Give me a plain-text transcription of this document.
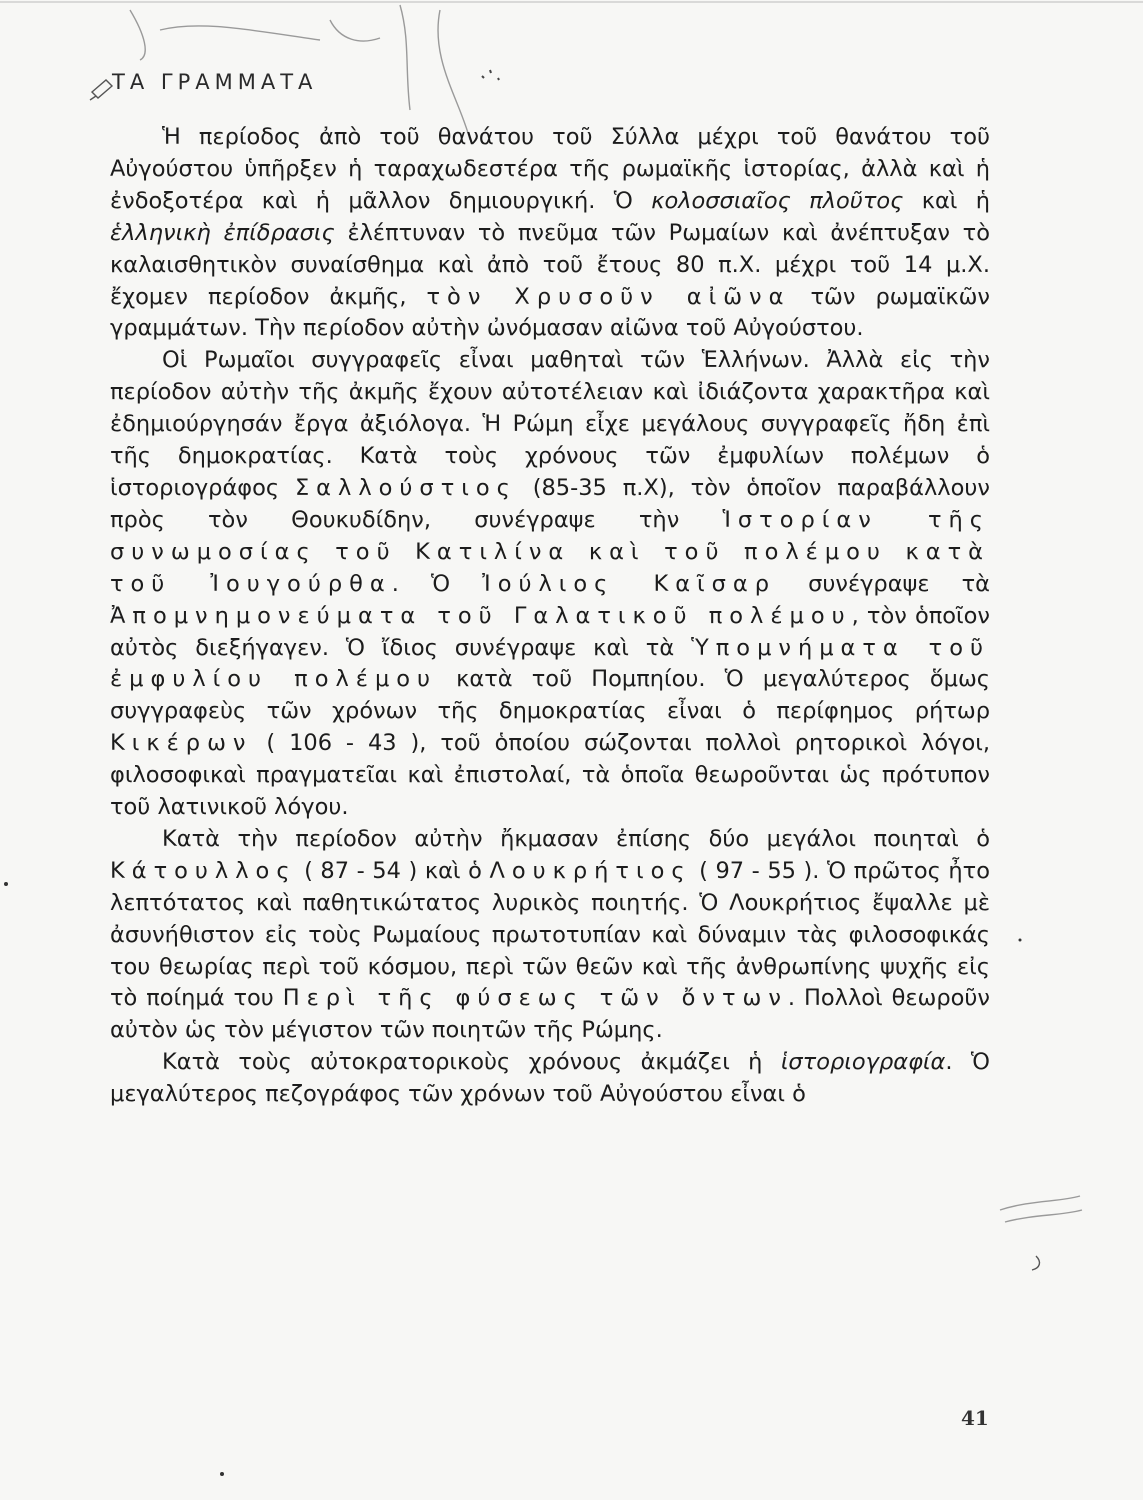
ΤΑ ΓΡΑΜΜΑΤΑ

Ἡ περίοδος ἀπὸ τοῦ θανάτου τοῦ Σύλλα μέχρι τοῦ θανάτου τοῦ Αὐγούστου ὑπῆρξεν ἡ ταραχωδεστέρα τῆς ρωμαϊκῆς ἱστορίας, ἀλλὰ καὶ ἡ ἐνδοξοτέρα καὶ ἡ μᾶλλον δημιουργική. Ὁ κολοσσιαῖος πλοῦτος καὶ ἡ ἑλληνικὴ ἐπίδρασις ἐλέπτυναν τὸ πνεῦμα τῶν Ρωμαίων καὶ ἀνέπτυξαν τὸ καλαισθητικὸν συναίσθημα καὶ ἀπὸ τοῦ ἔτους 80 π.Χ. μέχρι τοῦ 14 μ.Χ. ἔχομεν περίοδον ἀκμῆς, τὸν Χρυσοῦν αἰῶνα τῶν ρωμαϊκῶν γραμμάτων. Τὴν περίοδον αὐτὴν ὠνόμασαν αἰῶνα τοῦ Αὐγούστου.

Οἱ Ρωμαῖοι συγγραφεῖς εἶναι μαθηταὶ τῶν Ἑλλήνων. Ἀλλὰ εἰς τὴν περίοδον αὐτὴν τῆς ἀκμῆς ἔχουν αὐτοτέλειαν καὶ ἰδιάζοντα χαρακτῆρα καὶ ἐδημιούργησάν ἔργα ἀξιόλογα. Ἡ Ρώμη εἶχε μεγάλους συγγραφεῖς ἤδη ἐπὶ τῆς δημοκρατίας. Κατὰ τοὺς χρόνους τῶν ἐμφυλίων πολέμων ὁ ἱστοριογράφος Σαλλούστιος (85-35 π.Χ), τὸν ὁποῖον παραβάλλουν πρὸς τὸν Θουκυδίδην, συνέγραψε τὴν Ἱστορίαν τῆς συνωμοσίας τοῦ Κατιλίνα καὶ τοῦ πολέμου κατὰ τοῦ Ἰουγούρθα. Ὁ Ἰούλιος Καῖσαρ συνέγραψε τὰ Ἀπομνημονεύματα τοῦ Γαλατικοῦ πολέμου, τὸν ὁποῖον αὐτὸς διεξήγαγεν. Ὁ ἴδιος συνέγραψε καὶ τὰ Ὑπομνήματα τοῦ ἐμφυλίου πολέμου κατὰ τοῦ Πομπηίου. Ὁ μεγαλύτερος ὅμως συγγραφεὺς τῶν χρόνων τῆς δημοκρατίας εἶναι ὁ περίφημος ρήτωρ Κικέρων ( 106 - 43 ), τοῦ ὁποίου σώζονται πολλοὶ ρητορικοὶ λόγοι, φιλοσοφικαὶ πραγματεῖαι καὶ ἐπιστολαί, τὰ ὁποῖα θεωροῦνται ὡς πρότυπον τοῦ λατινικοῦ λόγου.

Κατὰ τὴν περίοδον αὐτὴν ἤκμασαν ἐπίσης δύο μεγάλοι ποιηταὶ ὁ Κάτουλλος ( 87 - 54 ) καὶ ὁ Λουκρήτιος ( 97 - 55 ). Ὁ πρῶτος ἦτο λεπτότατος καὶ παθητικώτατος λυρικὸς ποιητής. Ὁ Λουκρήτιος ἔψαλλε μὲ ἀσυνήθιστον εἰς τοὺς Ρωμαίους πρωτοτυπίαν καὶ δύναμιν τὰς φιλοσοφικάς του θεωρίας περὶ τοῦ κόσμου, περὶ τῶν θεῶν καὶ τῆς ἀνθρωπίνης ψυχῆς εἰς τὸ ποίημά του Περὶ τῆς φύσεως τῶν ὄντων. Πολλοὶ θεωροῦν αὐτὸν ὡς τὸν μέγιστον τῶν ποιητῶν τῆς Ρώμης.

Κατὰ τοὺς αὐτοκρατορικοὺς χρόνους ἀκμάζει ἡ ἱστοριογραφία. Ὁ μεγαλύτερος πεζογράφος τῶν χρόνων τοῦ Αὐγούστου εἶναι ὁ

41
